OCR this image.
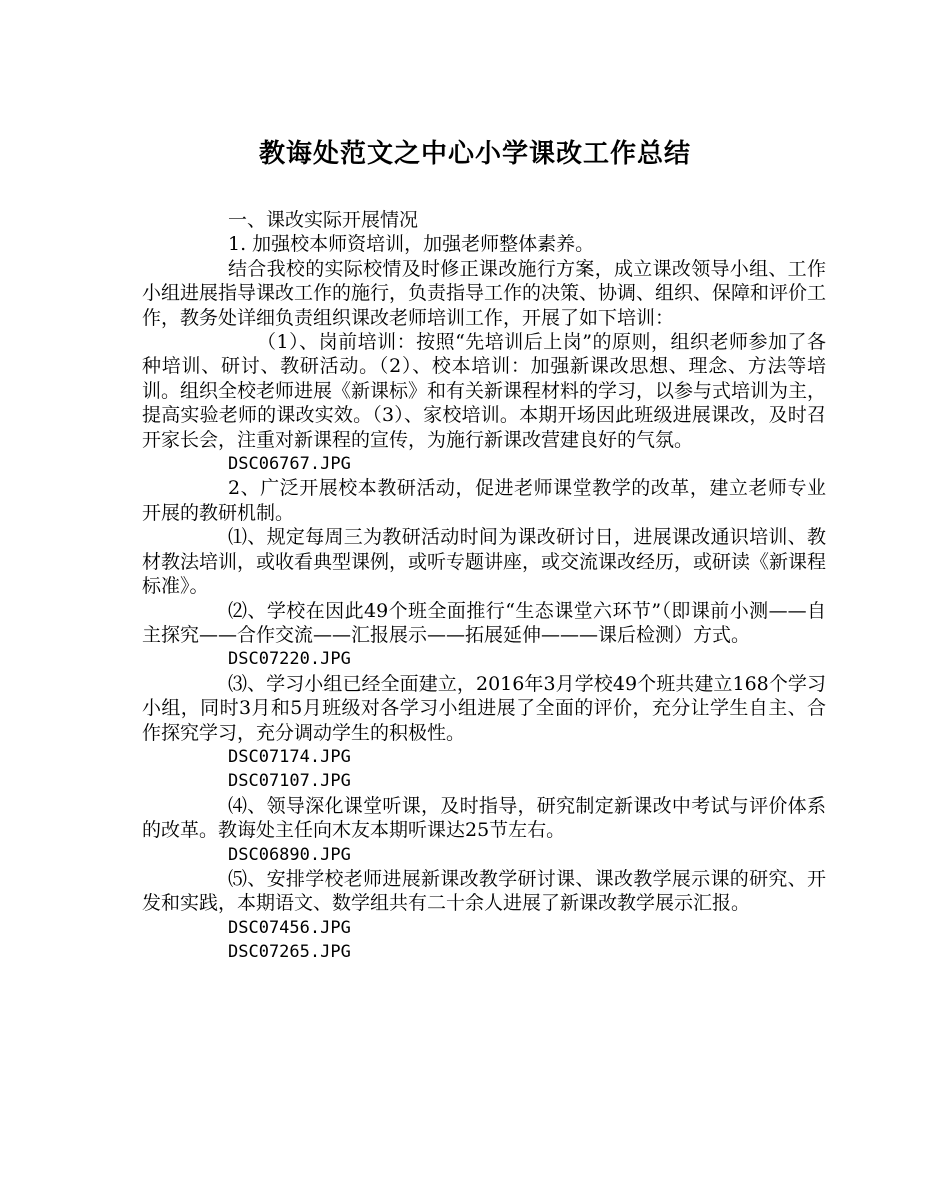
教诲处范文之中心小学课改工作总结

一、课改实际开展情况

1. 加强校本师资培训，加强老师整体素养。

结合我校的实际校情及时修正课改施行方案，成立课改领导小组、工作小组进展指导课改工作的施行，负责指导工作的决策、协调、组织、保障和评价工作，教务处详细负责组织课改老师培训工作，开展了如下培训：

（1）、岗前培训：按照“先培训后上岗”的原则，组织老师参加了各种培训、研讨、教研活动。（2）、校本培训：加强新课改思想、理念、方法等培训。组织全校老师进展《新课标》和有关新课程材料的学习，以参与式培训为主，提高实验老师的课改实效。（3）、家校培训。本期开场因此班级进展课改，及时召开家长会，注重对新课程的宣传，为施行新课改营建良好的气氛。

DSC06767.JPG

2、广泛开展校本教研活动，促进老师课堂教学的改革，建立老师专业开展的教研机制。

⑴、规定每周三为教研活动时间为课改研讨日，进展课改通识培训、教材教法培训，或收看典型课例，或听专题讲座，或交流课改经历，或研读《新课程标准》。

⑵、学校在因此49个班全面推行“生态课堂六环节”（即课前小测——自主探究——合作交流——汇报展示——拓展延伸———课后检测）方式。

DSC07220.JPG

⑶、学习小组已经全面建立，2016年3月学校49个班共建立168个学习小组，同时3月和5月班级对各学习小组进展了全面的评价，充分让学生自主、合作探究学习，充分调动学生的积极性。

DSC07174.JPG

DSC07107.JPG

⑷、领导深化课堂听课，及时指导，研究制定新课改中考试与评价体系的改革。教诲处主任向木友本期听课达25节左右。

DSC06890.JPG

⑸、安排学校老师进展新课改教学研讨课、课改教学展示课的研究、开发和实践，本期语文、数学组共有二十余人进展了新课改教学展示汇报。

DSC07456.JPG

DSC07265.JPG
